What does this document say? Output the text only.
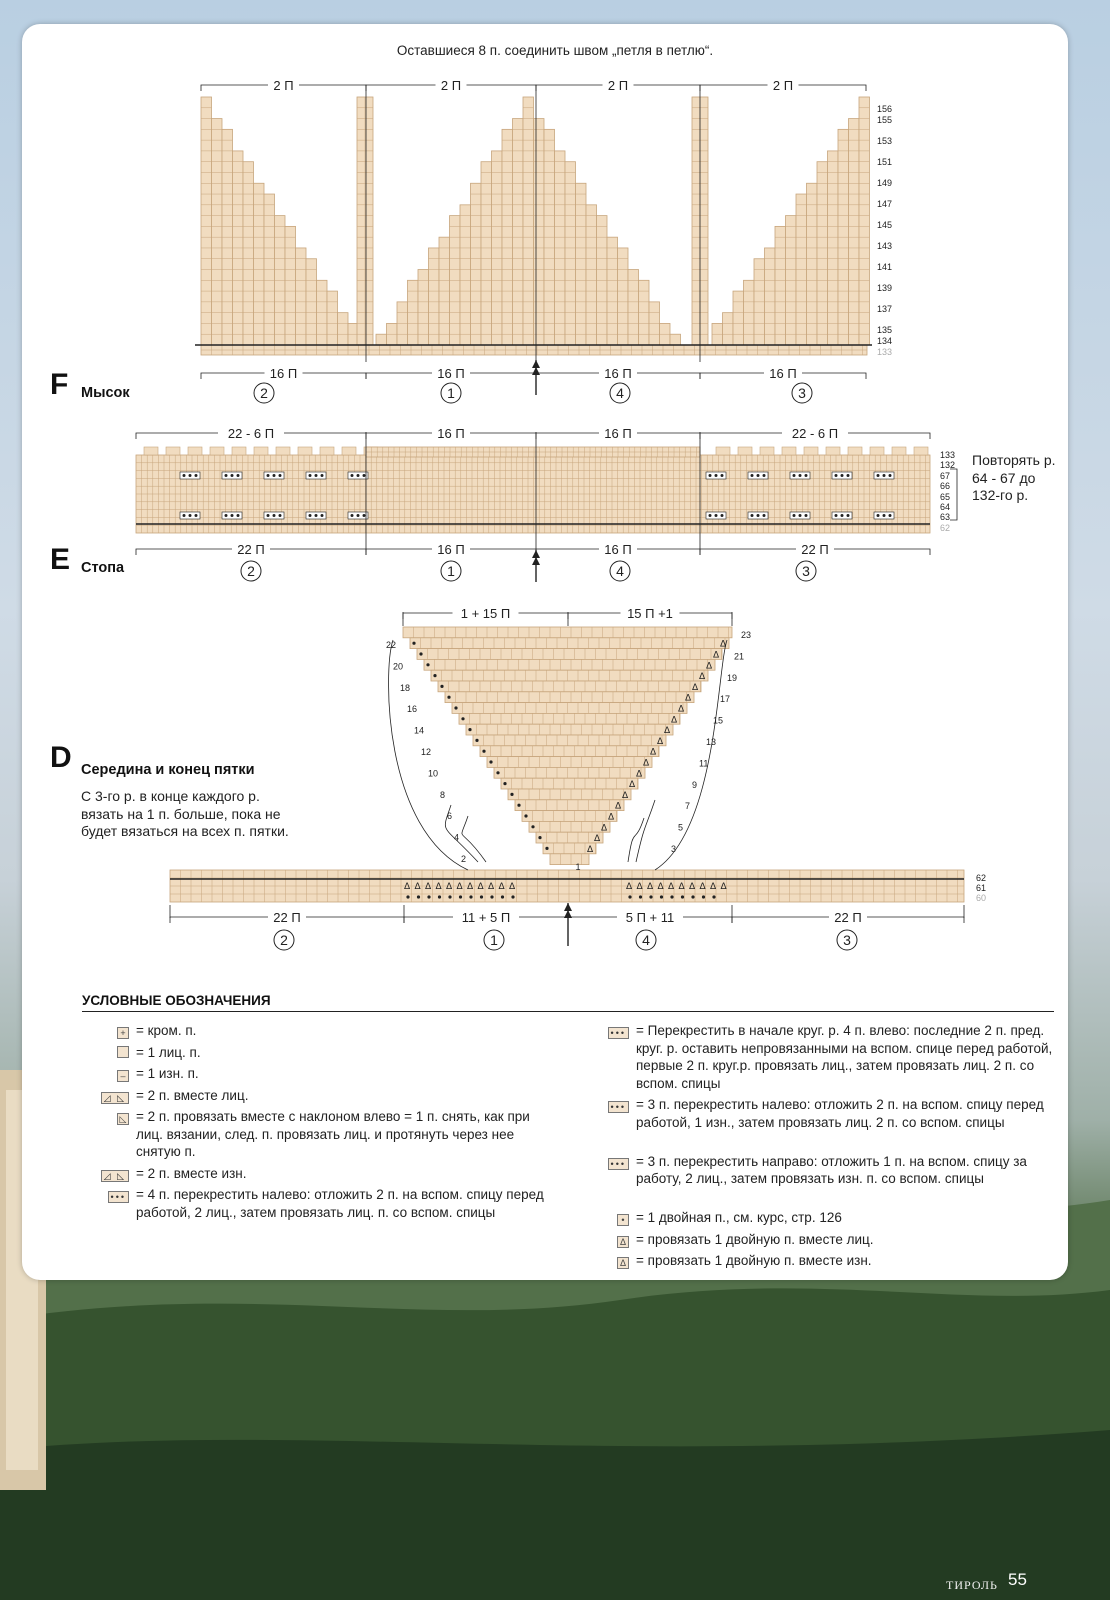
2 П	2 П	2 П	2 П
16 П	16 П	16 П	16 П
2	1	4	3
156
155
153
151
149
147
145
143
141
139
137
135
134
133
22 - 6 П	16 П	16 П	22 - 6 П
22 П	16 П	16 П	22 П
2	1	4	3
133
132
67
66
65
64
63
62
Δ
Δ
Δ
Δ
Δ
Δ
Δ
Δ
Δ
Δ
Δ
Δ
Δ
Δ
Δ
Δ
Δ
Δ
Δ
Δ
Δ Δ Δ Δ Δ Δ Δ Δ Δ Δ Δ	Δ Δ Δ Δ Δ Δ Δ Δ Δ Δ
1 + 15 П	15 П +1
22 П	11 + 5 П	5 П + 11	22 П
2	1	4	3
22
20
18
16
14
12
10
8
6
4
2
23
21
19
17
15
13
11
9
7
5
3
1
62
61
60
Оставшиеся 8 п. соединить швом „петля в петлю“.
F Мысок
E Стопа
Повторять р. 64 - 67 до 132-го р.
D Середина и конец пятки
С 3-го р. в конце каждого р. вязать на 1 п. больше, пока не будет вязаться на всех п. пятки.
УСЛОВНЫЕ ОБОЗНАЧЕНИЯ
+ = кром. п.
= 1 лиц. п.
– = 1 изн. п.
◿ ◺ = 2 п. вместе лиц.
◺ = 2 п. провязать вместе с наклоном влево = 1 п. снять, как при лиц. вязании, след. п. провязать лиц. и протянуть через нее снятую п.
◿ ◺ = 2 п. вместе изн.
••• = 4 п. перекрестить налево: отложить 2 п. на вспом. спицу перед работой, 2 лиц., затем провязать лиц. п. со вспом. спицы
••• = Перекрестить в начале круг. р. 4 п. влево: последние 2 п. пред. круг. р. оставить непровязанными на вспом. спице перед работой, первые 2 п. круг.р. провязать лиц., затем провязать лиц. 2 п. со вспом. спицы
••• = 3 п. перекрестить налево: отложить 2 п. на вспом. спицу перед работой, 1 изн., затем провязать лиц. 2 п. со вспом. спицы
••• = 3 п. перекрестить направо: отложить 1 п. на вспом. спицу за работу, 2 лиц., затем провязать изн. п. со вспом. спицы
• = 1 двойная п., см. курс, стр. 126
Δ = провязать 1 двойную п. вместе лиц.
Δ = провязать 1 двойную п. вместе изн.
ТИРОЛЬ 55
